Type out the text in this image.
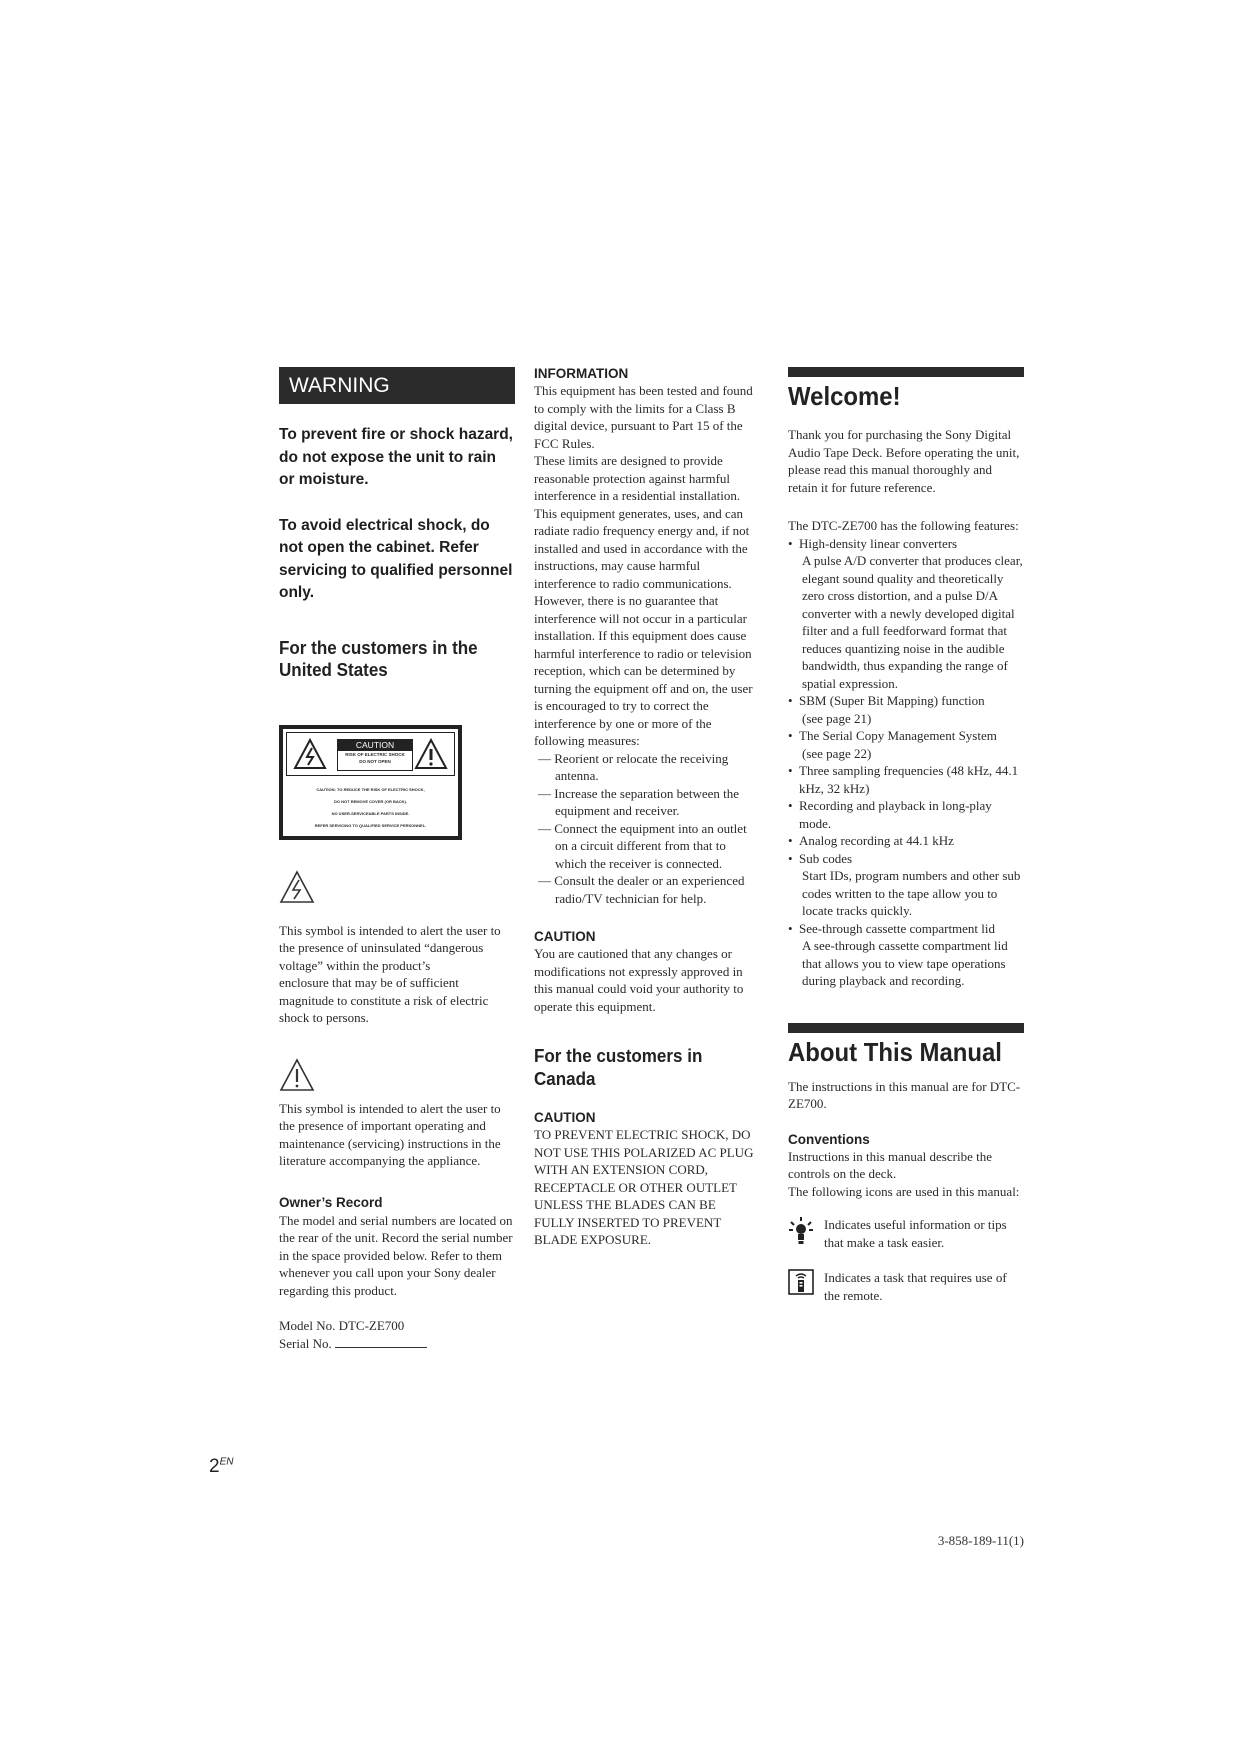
WARNING

To prevent fire or shock hazard, do not expose the unit to rain or moisture.

To avoid electrical shock, do not open the cabinet. Refer servicing to qualified personnel only.

For the customers in the United States

CAUTION
RISK OF ELECTRIC SHOCK
DO NOT OPEN
CAUTION: TO REDUCE THE RISK OF ELECTRIC SHOCK,
DO NOT REMOVE COVER (OR BACK).
NO USER-SERVICEABLE PARTS INSIDE.
REFER SERVICING TO QUALIFIED SERVICE PERSONNEL.

This symbol is intended to alert the user to the presence of uninsulated “dangerous voltage” within the product’s

enclosure that may be of sufficient magnitude to constitute a risk of electric shock to persons.

This symbol is intended to alert the user to the presence of important operating and maintenance (servicing) instructions in the literature accompanying the appliance.

Owner’s Record

The model and serial numbers are located on the rear of the unit. Record the serial number in the space provided below. Refer to them whenever you call upon your Sony dealer regarding this product.

Model No. DTC-ZE700

Serial No.

INFORMATION

This equipment has been tested and found to comply with the limits for a Class B digital device, pursuant to Part 15 of the FCC Rules.

These limits are designed to provide reasonable protection against harmful interference in a residential installation. This equipment generates, uses, and can radiate radio frequency energy and, if not installed and used in accordance with the instructions, may cause harmful interference to radio communications. However, there is no guarantee that interference will not occur in a particular installation. If this equipment does cause harmful interference to radio or television reception, which can be determined by turning the equipment off and on, the user is encouraged to try to correct the interference by one or more of the following measures:

— Reorient or relocate the receiving antenna.

— Increase the separation between the equipment and receiver.

— Connect the equipment into an outlet on a circuit different from that to which the receiver is connected.

— Consult the dealer or an experienced radio/TV technician for help.

CAUTION

You are cautioned that any changes or modifications not expressly approved in this manual could void your authority to operate this equipment.

For the customers in Canada

CAUTION

TO PREVENT ELECTRIC SHOCK, DO NOT USE THIS POLARIZED AC PLUG WITH AN EXTENSION CORD, RECEPTACLE OR OTHER OUTLET UNLESS THE BLADES CAN BE FULLY INSERTED TO PREVENT BLADE EXPOSURE.

Welcome!

Thank you for purchasing the Sony Digital Audio Tape Deck. Before operating the unit, please read this manual thoroughly and retain it for future reference.

The DTC-ZE700 has the following features:

• High-density linear converters

A pulse A/D converter that produces clear, elegant sound quality and theoretically zero cross distortion, and a pulse D/A converter with a newly developed digital filter and a full feedforward format that reduces quantizing noise in the audible bandwidth, thus expanding the range of spatial expression.

• SBM (Super Bit Mapping) function

(see page 21)

• The Serial Copy Management System

(see page 22)

• Three sampling frequencies (48 kHz, 44.1 kHz, 32 kHz)

• Recording and playback in long-play mode.

• Analog recording at 44.1 kHz

• Sub codes

Start IDs, program numbers and other sub codes written to the tape allow you to locate tracks quickly.

• See-through cassette compartment lid

A see-through cassette compartment lid that allows you to view tape operations during playback and recording.

About This Manual

The instructions in this manual are for DTC-ZE700.

Conventions

Instructions in this manual describe the controls on the deck.

The following icons are used in this manual:

Indicates useful information or tips that make a task easier.

Indicates a task that requires use of the remote.

$2^{EN}$
3-858-189-11(1)
